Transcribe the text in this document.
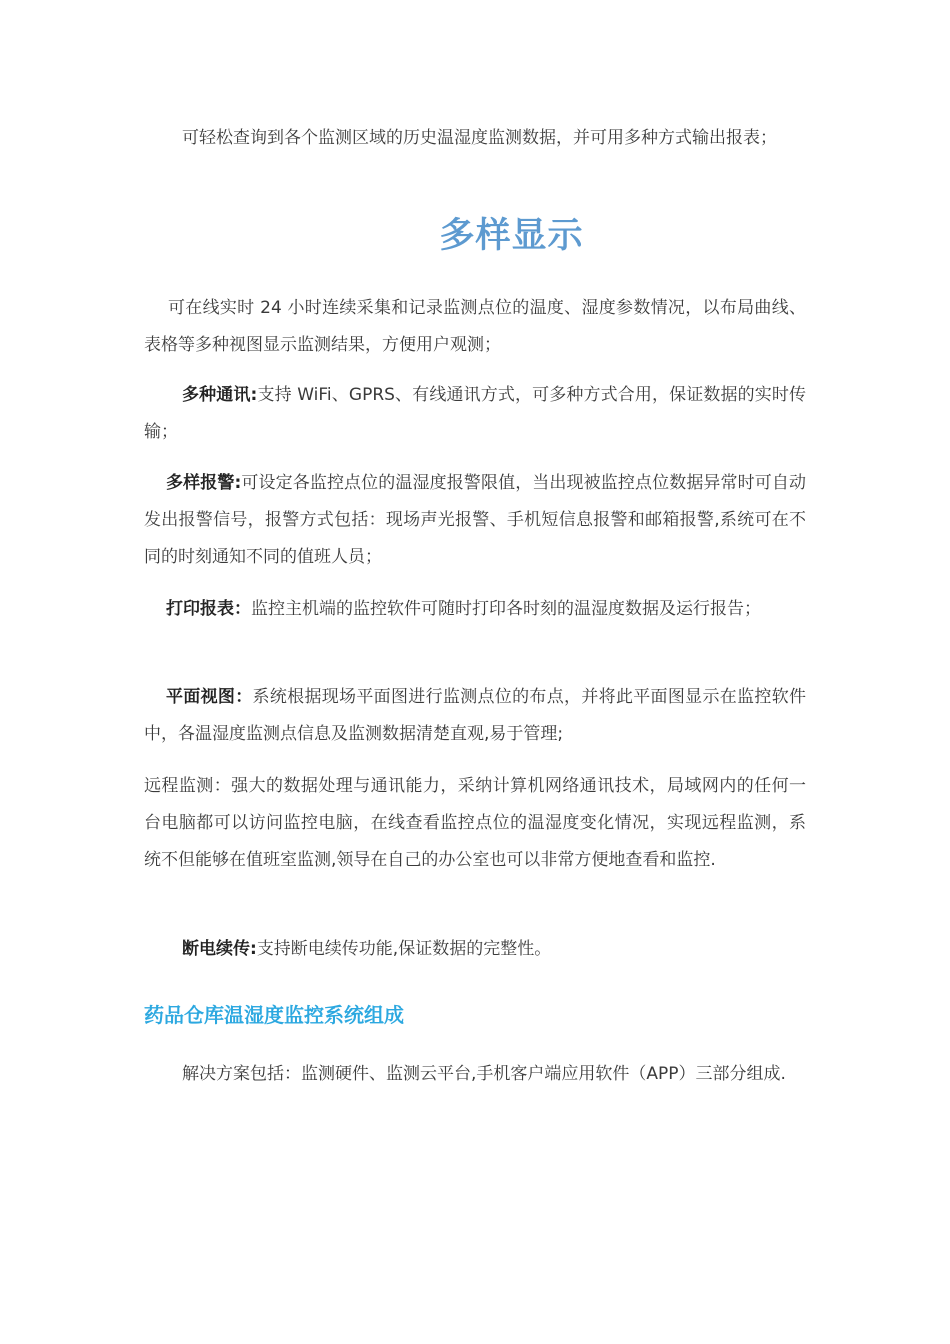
可轻松查询到各个监测区域的历史温湿度监测数据，并可用多种方式输出报表；

多样显示

可在线实时 24 小时连续采集和记录监测点位的温度、湿度参数情况，以布局曲线、表格等多种视图显示监测结果，方便用户观测；

多种通讯:支持 WiFi、GPRS、有线通讯方式，可多种方式合用，保证数据的实时传输；

多样报警:可设定各监控点位的温湿度报警限值，当出现被监控点位数据异常时可自动发出报警信号，报警方式包括：现场声光报警、手机短信息报警和邮箱报警,系统可在不同的时刻通知不同的值班人员；

打印报表：监控主机端的监控软件可随时打印各时刻的温湿度数据及运行报告；

平面视图：系统根据现场平面图进行监测点位的布点，并将此平面图显示在监控软件中，各温湿度监测点信息及监测数据清楚直观,易于管理;

远程监测：强大的数据处理与通讯能力，采纳计算机网络通讯技术，局域网内的任何一台电脑都可以访问监控电脑，在线查看监控点位的温湿度变化情况，实现远程监测，系统不但能够在值班室监测,领导在自己的办公室也可以非常方便地查看和监控.

断电续传:支持断电续传功能,保证数据的完整性。

药品仓库温湿度监控系统组成

解决方案包括：监测硬件、监测云平台,手机客户端应用软件（APP）三部分组成.
